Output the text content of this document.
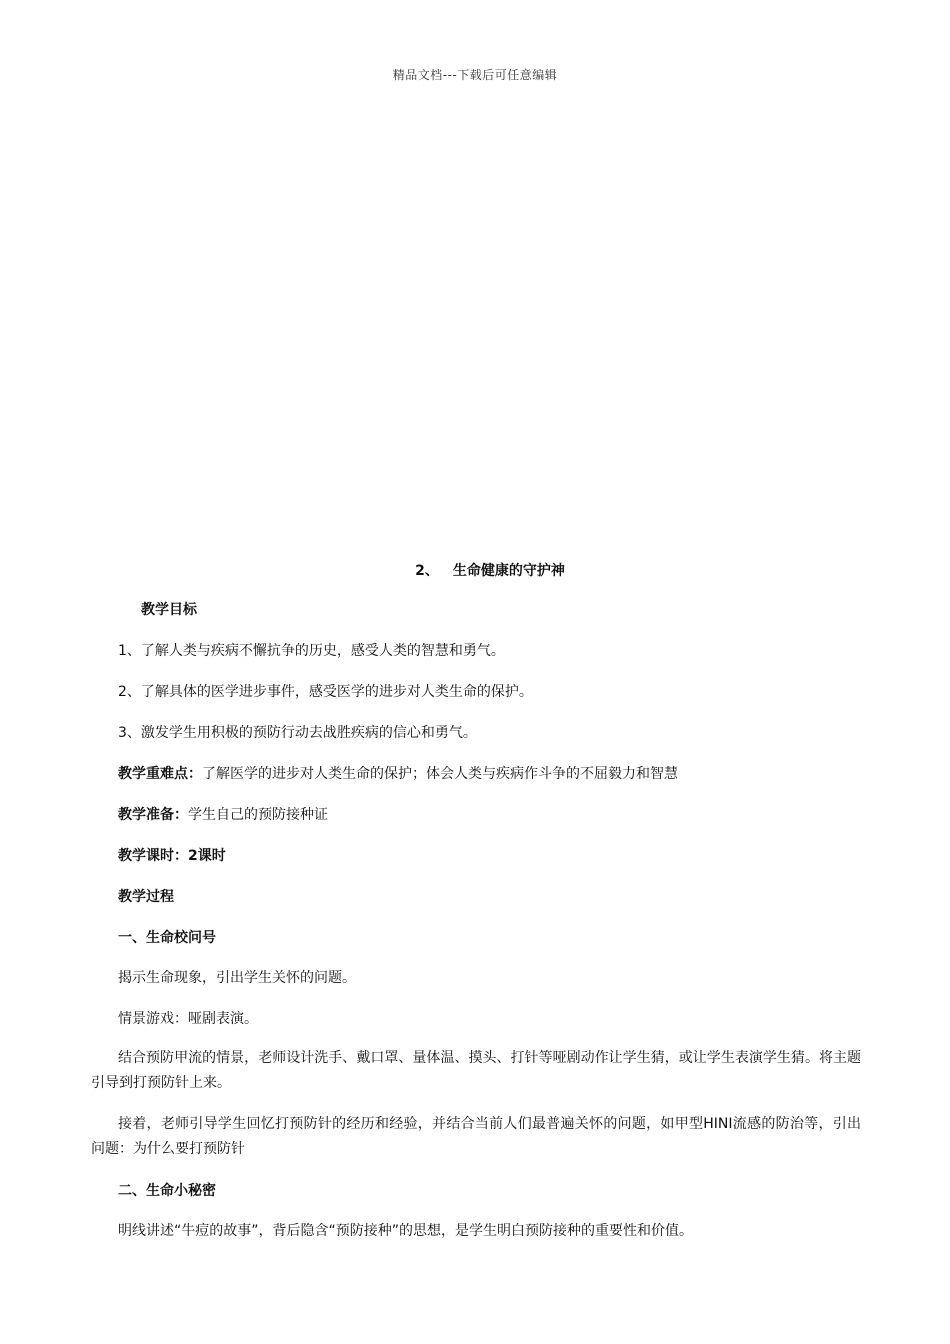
精品文档---下载后可任意编辑
2、 生命健康的守护神
教学目标
1、了解人类与疾病不懈抗争的历史，感受人类的智慧和勇气。
2、了解具体的医学进步事件，感受医学的进步对人类生命的保护。
3、激发学生用积极的预防行动去战胜疾病的信心和勇气。
教学重难点：了解医学的进步对人类生命的保护；体会人类与疾病作斗争的不屈毅力和智慧
教学准备：学生自己的预防接种证
教学课时：2课时
教学过程
一、生命校问号
揭示生命现象，引出学生关怀的问题。
情景游戏：哑剧表演。
结合预防甲流的情景，老师设计洗手、戴口罩、量体温、摸头、打针等哑剧动作让学生猜，或让学生表演学生猜。将主题引导到打预防针上来。
接着，老师引导学生回忆打预防针的经历和经验，并结合当前人们最普遍关怀的问题，如甲型HINI流感的防治等，引出问题：为什么要打预防针
二、生命小秘密
明线讲述“牛痘的故事”，背后隐含“预防接种”的思想，是学生明白预防接种的重要性和价值。
